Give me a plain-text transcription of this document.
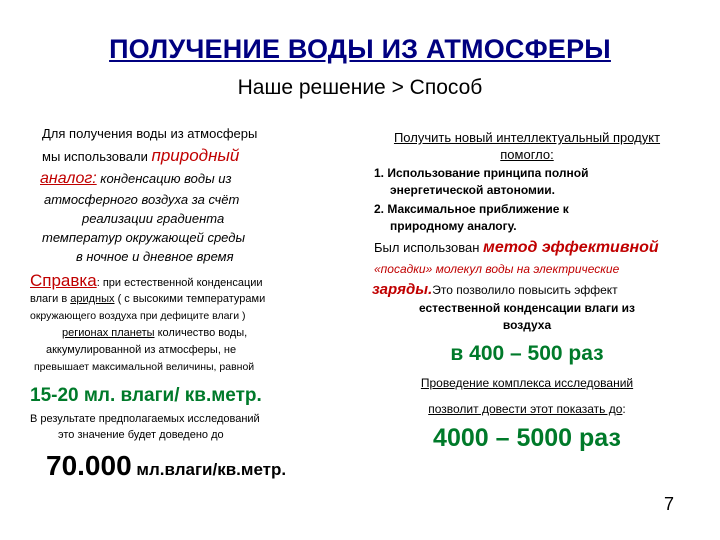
ПОЛУЧЕНИЕ ВОДЫ ИЗ АТМОСФЕРЫ
Наше решение > Способ
Для получения воды из атмосферы
мы использовали природный
аналог: конденсацию воды из
атмосферного воздуха за счёт
реализации градиента
температур окружающей среды
в ночное и дневное время
Справка: при естественной конденсации
влаги в аридных ( с высокими температурами
окружающего воздуха при дефиците влаги )
регионах планеты количество воды,
аккумулированной из атмосферы, не
превышает максимальной величины, равной
15-20 мл. влаги/ кв.метр.
В результате предполагаемых исследований
это значение будет доведено до
70.000 мл.влаги/кв.метр.
Получить новый интеллектуальный продукт
помогло:
1. Использование принципа полной
энергетической автономии.
2. Максимальное приближение к
природному аналогу.
Был использован метод эффективной
«посадки» молекул воды на электрические
заряды.Это позволило повысить эффект
естественной конденсации влаги из
воздуха
в 400 – 500 раз
Проведение комплекса исследований
позволит довести этот показать до:
4000 – 5000 раз
7
